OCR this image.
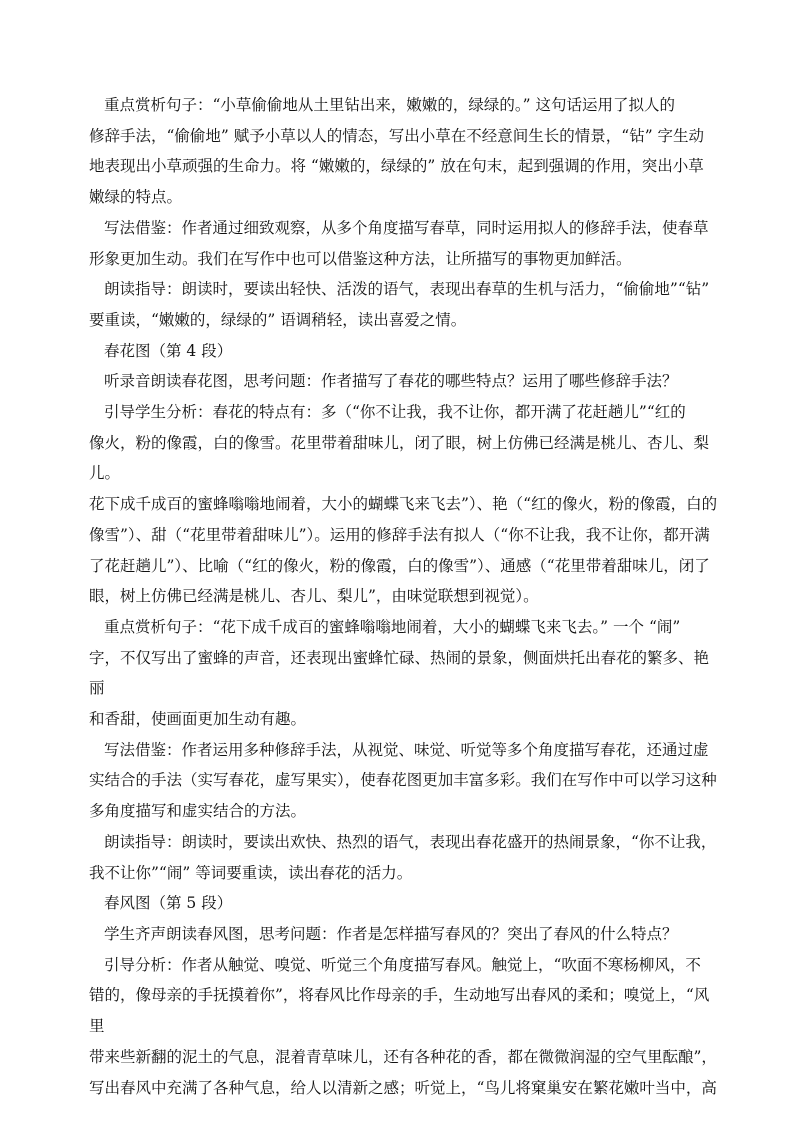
重点赏析句子：“小草偷偷地从土里钻出来，嫩嫩的，绿绿的。” 这句话运用了拟人的

修辞手法，“偷偷地” 赋予小草以人的情态，写出小草在不经意间生长的情景，“钻” 字生动

地表现出小草顽强的生命力。将 “嫩嫩的，绿绿的” 放在句末，起到强调的作用，突出小草

嫩绿的特点。

写法借鉴：作者通过细致观察，从多个角度描写春草，同时运用拟人的修辞手法，使春草

形象更加生动。我们在写作中也可以借鉴这种方法，让所描写的事物更加鲜活。

朗读指导：朗读时，要读出轻快、活泼的语气，表现出春草的生机与活力，“偷偷地”“钻”

要重读，“嫩嫩的，绿绿的” 语调稍轻，读出喜爱之情。

春花图（第 4 段）

听录音朗读春花图，思考问题：作者描写了春花的哪些特点？运用了哪些修辞手法？

引导学生分析：春花的特点有：多（“你不让我，我不让你，都开满了花赶趟儿”“红的

像火，粉的像霞，白的像雪。花里带着甜味儿，闭了眼，树上仿佛已经满是桃儿、杏儿、梨儿。

花下成千成百的蜜蜂嗡嗡地闹着，大小的蝴蝶飞来飞去”）、艳（“红的像火，粉的像霞，白的

像雪”）、甜（“花里带着甜味儿”）。运用的修辞手法有拟人（“你不让我，我不让你，都开满

了花赶趟儿”）、比喻（“红的像火，粉的像霞，白的像雪”）、通感（“花里带着甜味儿，闭了

眼，树上仿佛已经满是桃儿、杏儿、梨儿”，由味觉联想到视觉）。

重点赏析句子：“花下成千成百的蜜蜂嗡嗡地闹着，大小的蝴蝶飞来飞去。” 一个 “闹”

字，不仅写出了蜜蜂的声音，还表现出蜜蜂忙碌、热闹的景象，侧面烘托出春花的繁多、艳丽

和香甜，使画面更加生动有趣。

写法借鉴：作者运用多种修辞手法，从视觉、味觉、听觉等多个角度描写春花，还通过虚

实结合的手法（实写春花，虚写果实），使春花图更加丰富多彩。我们在写作中可以学习这种

多角度描写和虚实结合的方法。

朗读指导：朗读时，要读出欢快、热烈的语气，表现出春花盛开的热闹景象，“你不让我，

我不让你”“闹” 等词要重读，读出春花的活力。

春风图（第 5 段）

学生齐声朗读春风图，思考问题：作者是怎样描写春风的？突出了春风的什么特点？

引导分析：作者从触觉、嗅觉、听觉三个角度描写春风。触觉上，“吹面不寒杨柳风，不

错的，像母亲的手抚摸着你”，将春风比作母亲的手，生动地写出春风的柔和；嗅觉上，“风里

带来些新翻的泥土的气息，混着青草味儿，还有各种花的香，都在微微润湿的空气里酝酿”，

写出春风中充满了各种气息，给人以清新之感；听觉上，“鸟儿将窠巢安在繁花嫩叶当中，高
